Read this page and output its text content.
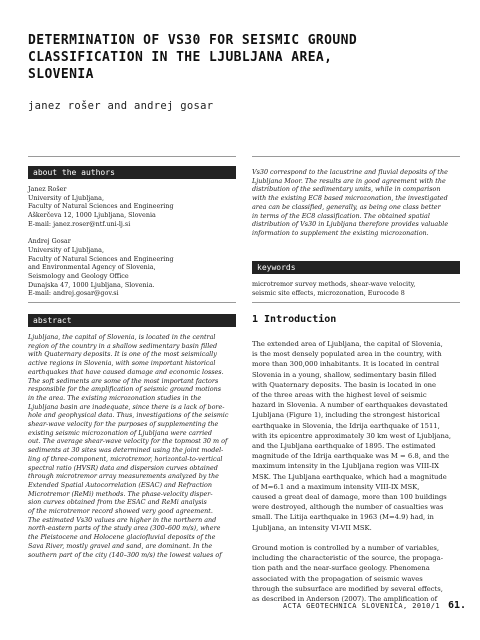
DETERMINATION OF VS30 FOR SEISMIC GROUND
CLASSIFICATION IN THE LJUBLJANA AREA,
SLOVENIA
janez rošer and andrej gosar
about the authors
Janez Rošer
University of Ljubljana,
Faculty of Natural Sciences and Engineering
Aškerčeva 12, 1000 Ljubljana, Slovenia
E-mail: janez.roser@ntf.uni-lj.si
Andrej Gosar
University of Ljubljana,
Faculty of Natural Sciences and Engineering
and Environmental Agency of Slovenia,
Seismology and Geology Office
Dunajska 47, 1000 Ljubljana, Slovenia.
E-mail: andrej.gosar@gov.si
abstract
Ljubljana, the capital of Slovenia, is located in the central
region of the country in a shallow sedimentary basin filled
with Quaternary deposits. It is one of the most seismically
active regions in Slovenia, with some important historical
earthquakes that have caused damage and economic losses.
The soft sediments are some of the most important factors
responsible for the amplification of seismic ground motions
in the area. The existing microzonation studies in the
Ljubljana basin are inadequate, since there is a lack of bore-
hole and geophysical data. Thus, investigations of the seismic
shear-wave velocity for the purposes of supplementing the
existing seismic microzonation of Ljubljana were carried
out. The average shear-wave velocity for the topmost 30 m of
sediments at 30 sites was determined using the joint model-
ling of three-component, microtremor, horizontal-to-vertical
spectral ratio (HVSR) data and dispersion curves obtained
through microtremor array measurements analyzed by the
Extended Spatial Autocorrelation (ESAC) and Refraction
Microtremor (ReMi) methods. The phase-velocity disper-
sion curves obtained from the ESAC and ReMi analysis
of the microtremor record showed very good agreement.
The estimated Vs30 values are higher in the northern and
north-eastern parts of the study area (300–600 m/s), where
the Pleistocene and Holocene glaciofluvial deposits of the
Sava River, mostly gravel and sand, are dominant. In the
southern part of the city (140–300 m/s) the lowest values of
Vs30 correspond to the lacustrine and fluvial deposits of the
Ljubljana Moor. The results are in good agreement with the
distribution of the sedimentary units, while in comparison
with the existing EC8 based microzonation, the investigated
area can be classified, generally, as being one class better
in terms of the EC8 classification. The obtained spatial
distribution of Vs30 in Ljubljana therefore provides valuable
information to supplement the existing microzonation.
keywords
microtremor survey methods, shear-wave velocity,
seismic site effects, microzonation, Eurocode 8
1 Introduction
The extended area of Ljubljana, the capital of Slovenia,
is the most densely populated area in the country, with
more than 300,000 inhabitants. It is located in central
Slovenia in a young, shallow, sedimentary basin filled
with Quaternary deposits. The basin is located in one
of the three areas with the highest level of seismic
hazard in Slovenia. A number of earthquakes devastated
Ljubljana (Figure 1), including the strongest historical
earthquake in Slovenia, the Idrija earthquake of 1511,
with its epicentre approximately 30 km west of Ljubljana,
and the Ljubljana earthquake of 1895. The estimated
magnitude of the Idrija earthquake was M = 6.8, and the
maximum intensity in the Ljubljana region was VIII-IX
MSK. The Ljubljana earthquake, which had a magnitude
of M=6.1 and a maximum intensity VIII-IX MSK,
caused a great deal of damage, more than 100 buildings
were destroyed, although the number of casualties was
small. The Litija earthquake in 1963 (M=4.9) had, in
Ljubljana, an intensity VI-VII MSK.
Ground motion is controlled by a number of variables,
including the characteristic of the source, the propaga-
tion path and the near-surface geology. Phenomena
associated with the propagation of seismic waves
through the subsurface are modified by several effects,
as described in Anderson (2007). The amplification of
ACTA GEOTECHNICA SLOVENICA, 2010/1 61.
